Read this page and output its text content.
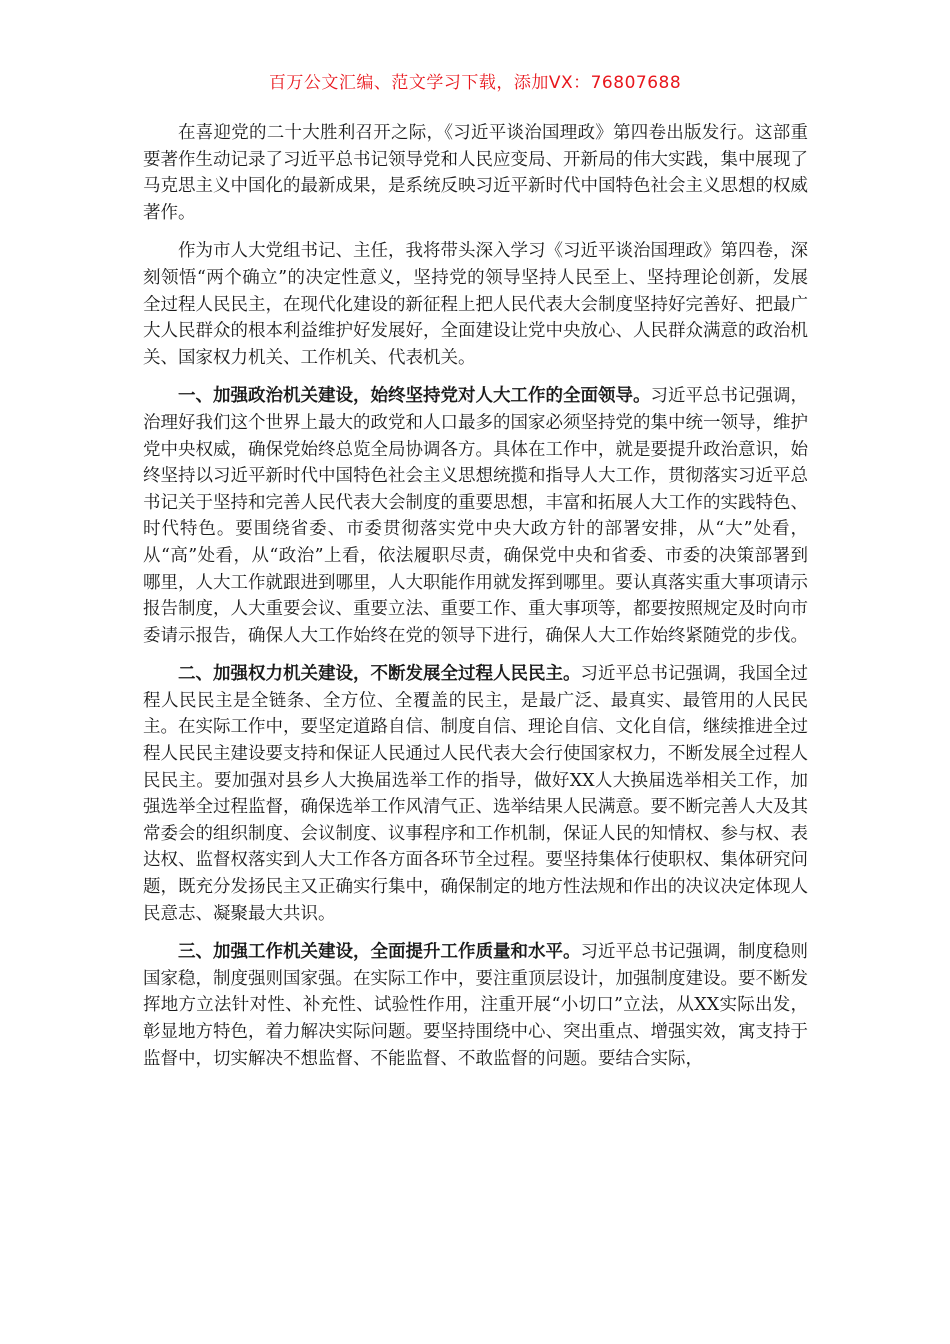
百万公文汇编、范文学习下载，添加VX：76807688

在喜迎党的二十大胜利召开之际，《习近平谈治国理政》第四卷出版发行。这部重要著作生动记录了习近平总书记领导党和人民应变局、开新局的伟大实践，集中展现了马克思主义中国化的最新成果，是系统反映习近平新时代中国特色社会主义思想的权威著作。

作为市人大党组书记、主任，我将带头深入学习《习近平谈治国理政》第四卷，深刻领悟“两个确立”的决定性意义，坚持党的领导坚持人民至上、坚持理论创新，发展全过程人民民主，在现代化建设的新征程上把人民代表大会制度坚持好完善好、把最广大人民群众的根本利益维护好发展好，全面建设让党中央放心、人民群众满意的政治机关、国家权力机关、工作机关、代表机关。

一、加强政治机关建设，始终坚持党对人大工作的全面领导。习近平总书记强调，治理好我们这个世界上最大的政党和人口最多的国家必须坚持党的集中统一领导，维护党中央权威，确保党始终总览全局协调各方。具体在工作中，就是要提升政治意识，始终坚持以习近平新时代中国特色社会主义思想统揽和指导人大工作，贯彻落实习近平总书记关于坚持和完善人民代表大会制度的重要思想，丰富和拓展人大工作的实践特色、时代特色。要围绕省委、市委贯彻落实党中央大政方针的部署安排，从“大”处看，从“高”处看，从“政治”上看，依法履职尽责，确保党中央和省委、市委的决策部署到哪里，人大工作就跟进到哪里，人大职能作用就发挥到哪里。要认真落实重大事项请示报告制度，人大重要会议、重要立法、重要工作、重大事项等，都要按照规定及时向市委请示报告，确保人大工作始终在党的领导下进行，确保人大工作始终紧随党的步伐。

二、加强权力机关建设，不断发展全过程人民民主。习近平总书记强调，我国全过程人民民主是全链条、全方位、全覆盖的民主，是最广泛、最真实、最管用的人民民主。在实际工作中，要坚定道路自信、制度自信、理论自信、文化自信，继续推进全过程人民民主建设要支持和保证人民通过人民代表大会行使国家权力，不断发展全过程人民民主。要加强对县乡人大换届选举工作的指导，做好XX人大换届选举相关工作，加强选举全过程监督，确保选举工作风清气正、选举结果人民满意。要不断完善人大及其常委会的组织制度、会议制度、议事程序和工作机制，保证人民的知情权、参与权、表达权、监督权落实到人大工作各方面各环节全过程。要坚持集体行使职权、集体研究问题，既充分发扬民主又正确实行集中，确保制定的地方性法规和作出的决议决定体现人民意志、凝聚最大共识。

三、加强工作机关建设，全面提升工作质量和水平。习近平总书记强调，制度稳则国家稳，制度强则国家强。在实际工作中，要注重顶层设计，加强制度建设。要不断发挥地方立法针对性、补充性、试验性作用，注重开展“小切口”立法，从XX实际出发，彰显地方特色，着力解决实际问题。要坚持围绕中心、突出重点、增强实效，寓支持于监督中，切实解决不想监督、不能监督、不敢监督的问题。要结合实际，
